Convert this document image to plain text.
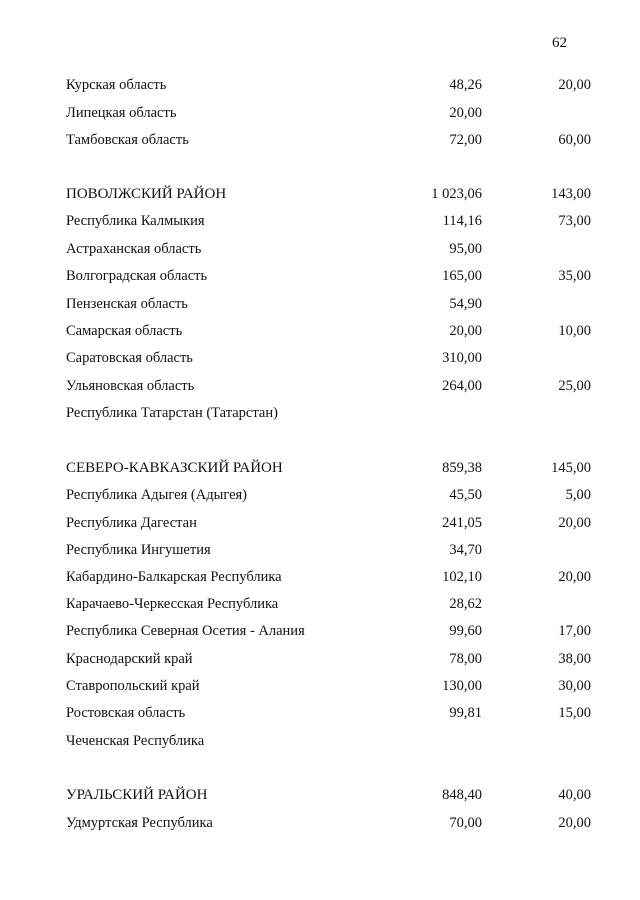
62
Курская область	48,26	20,00
Липецкая область	20,00
Тамбовская область	72,00	60,00
ПОВОЛЖСКИЙ РАЙОН	1 023,06	143,00
Республика Калмыкия	114,16	73,00
Астраханская область	95,00
Волгоградская область	165,00	35,00
Пензенская область	54,90
Самарская область	20,00	10,00
Саратовская область	310,00
Ульяновская область	264,00	25,00
Республика Татарстан (Татарстан)
СЕВЕРО-КАВКАЗСКИЙ РАЙОН	859,38	145,00
Республика Адыгея (Адыгея)	45,50	5,00
Республика Дагестан	241,05	20,00
Республика Ингушетия	34,70
Кабардино-Балкарская Республика	102,10	20,00
Карачаево-Черкесская Республика	28,62
Республика Северная Осетия - Алания	99,60	17,00
Краснодарский край	78,00	38,00
Ставропольский край	130,00	30,00
Ростовская область	99,81	15,00
Чеченская Республика
УРАЛЬСКИЙ РАЙОН	848,40	40,00
Удмуртская Республика	70,00	20,00
